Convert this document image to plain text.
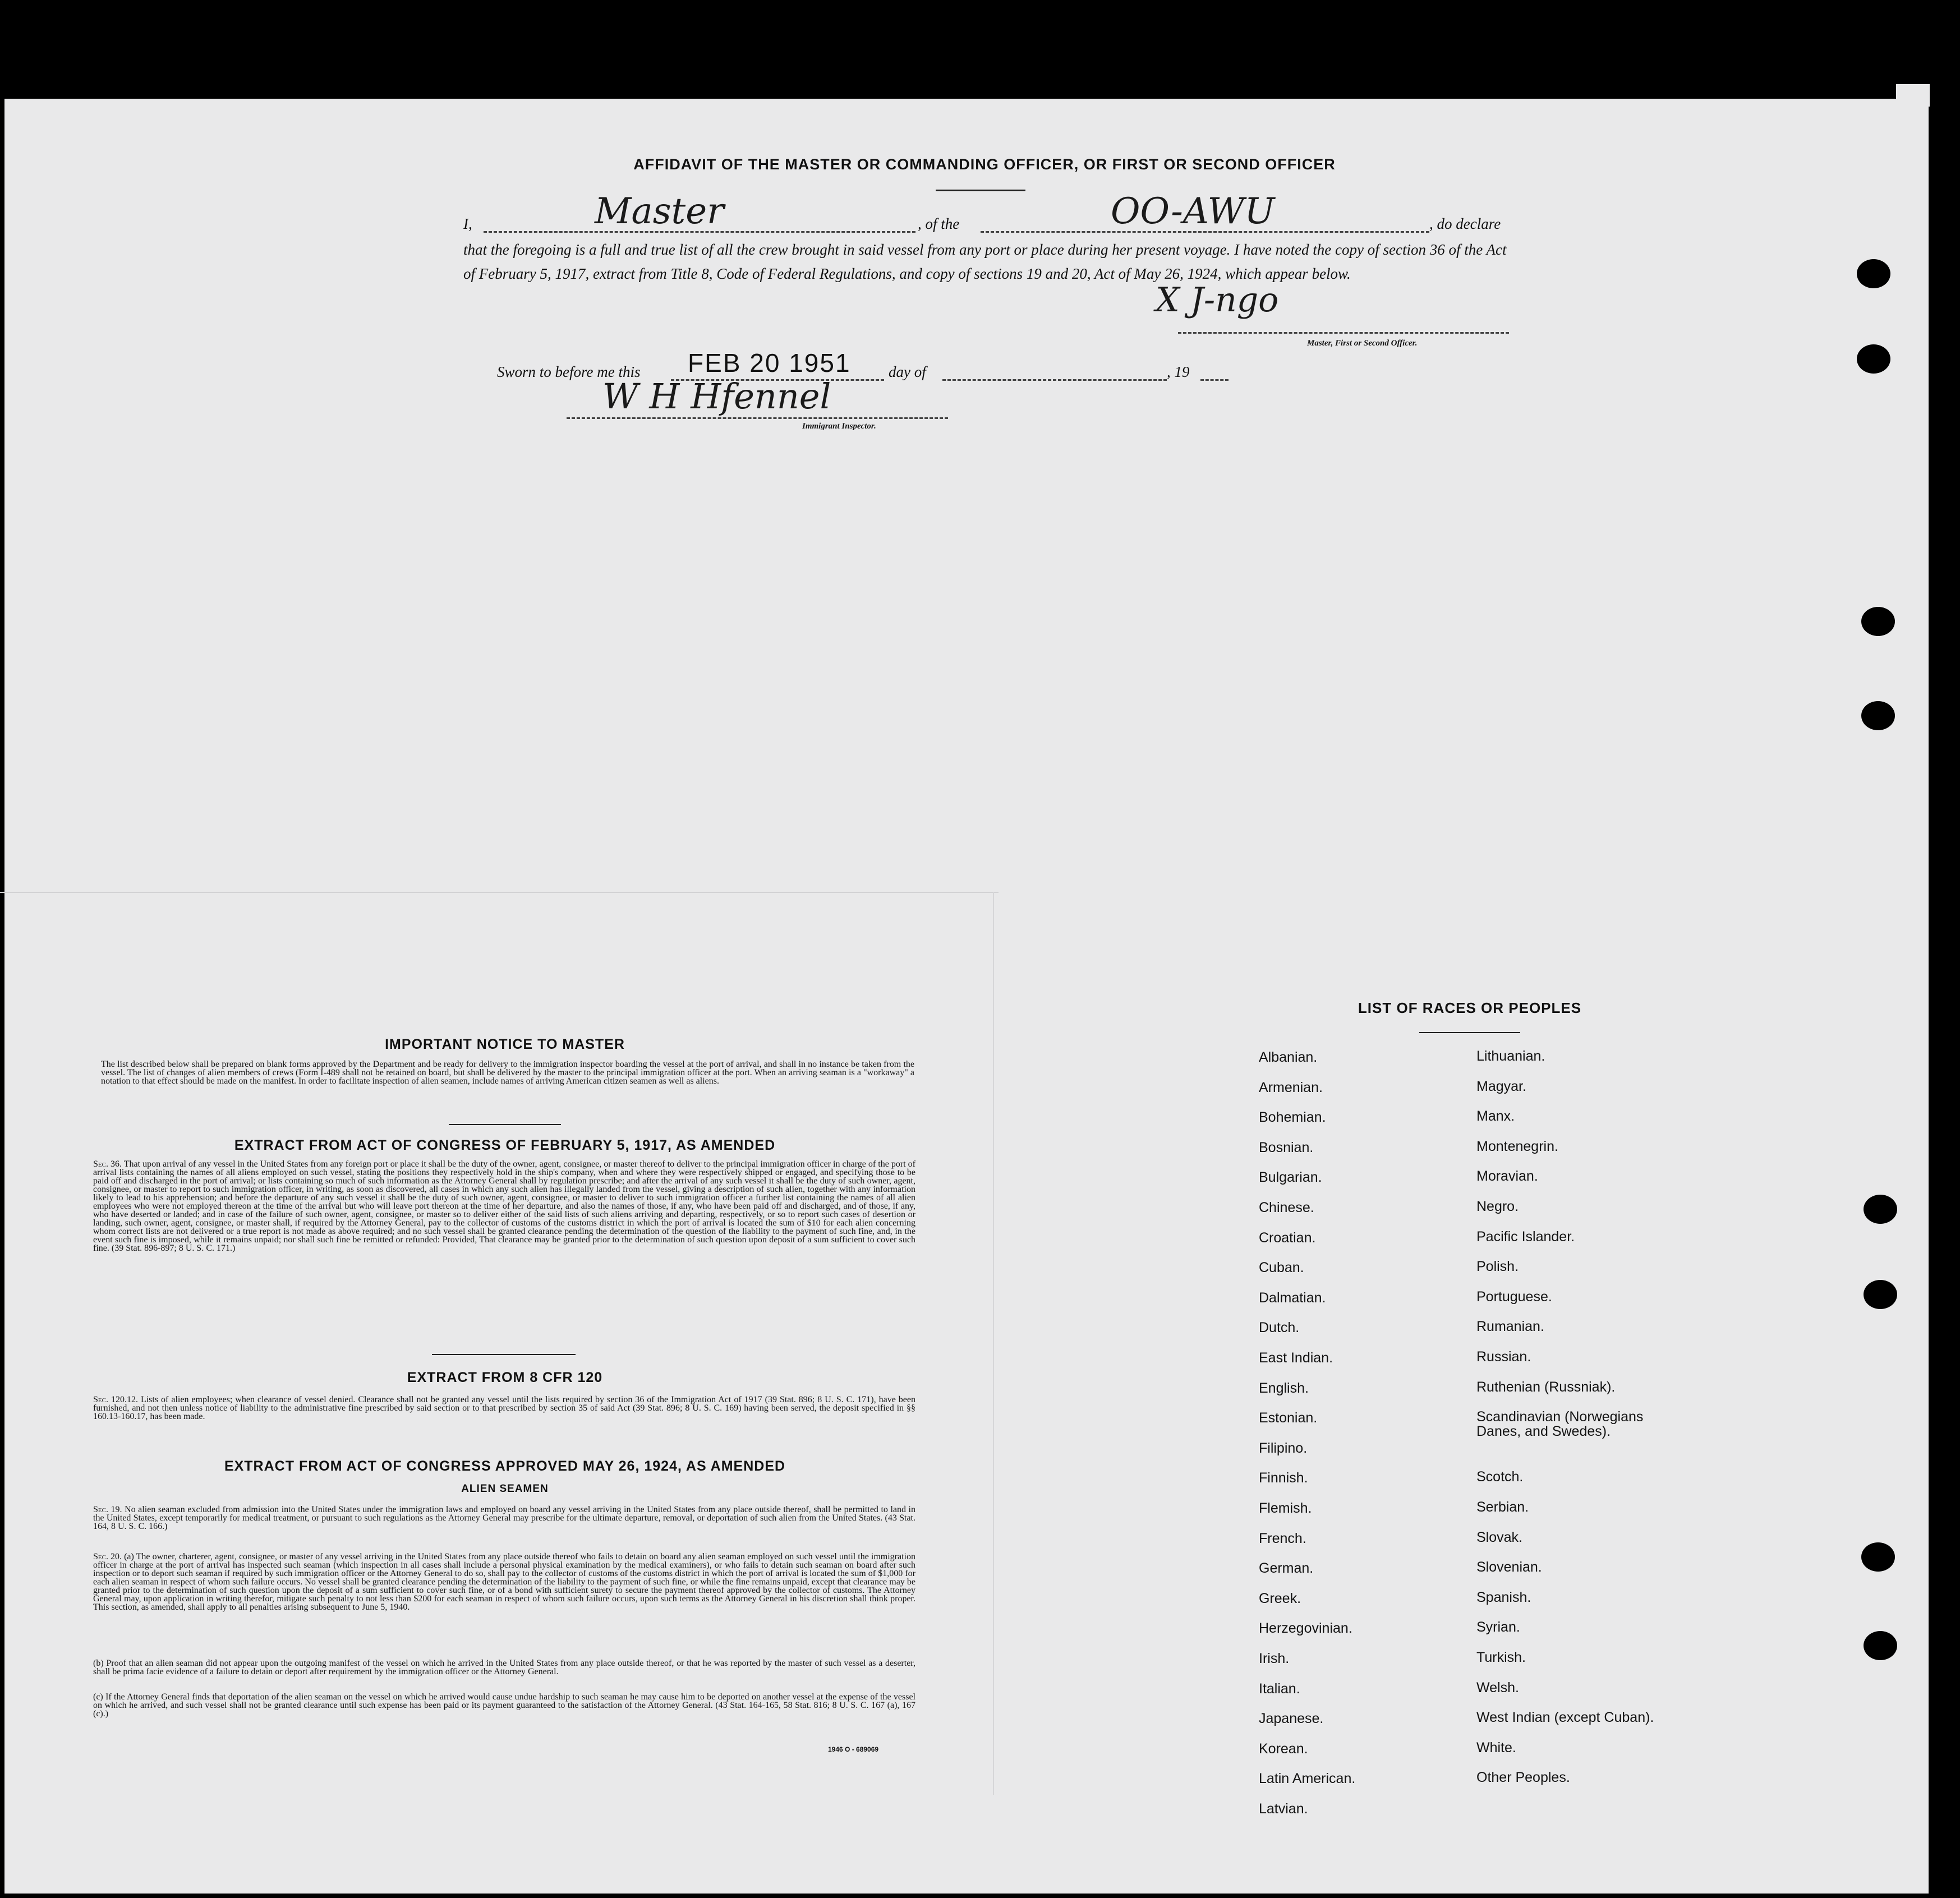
AFFIDAVIT OF THE MASTER OR COMMANDING OFFICER, OR FIRST OR SECOND OFFICER
I,	Master	, of the	OO-AWU	, do declare
that the foregoing is a full and true list of all the crew brought in said vessel from any port or place during her present voyage. I have noted the copy of section 36 of the Act of February 5, 1917, extract from Title 8, Code of Federal Regulations, and copy of sections 19 and 20, Act of May 26, 1924, which appear below.
X J-ngo
Master, First or Second Officer.
Sworn to before me this FEB 20 1951 day of	, 19
W H Hfennel
Immigrant Inspector.
IMPORTANT NOTICE TO MASTER
The list described below shall be prepared on blank forms approved by the Department and be ready for delivery to the immigration inspector boarding the vessel at the port of arrival, and shall in no instance be taken from the vessel. The list of changes of alien members of crews (Form I-489 shall not be retained on board, but shall be delivered by the master to the principal immigration officer at the port. When an arriving seaman is a "workaway" a notation to that effect should be made on the manifest. In order to facilitate inspection of alien seamen, include names of arriving American citizen seamen as well as aliens.
EXTRACT FROM ACT OF CONGRESS OF FEBRUARY 5, 1917, AS AMENDED
Sec. 36. That upon arrival of any vessel in the United States from any foreign port or place it shall be the duty of the owner, agent, consignee, or master thereof to deliver to the principal immigration officer in charge of the port of arrival lists containing the names of all aliens employed on such vessel, stating the positions they respectively hold in the ship's company, when and where they were respectively shipped or engaged, and specifying those to be paid off and discharged in the port of arrival; or lists containing so much of such information as the Attorney General shall by regulation prescribe; and after the arrival of any such vessel it shall be the duty of such owner, agent, consignee, or master to report to such immigration officer, in writing, as soon as discovered, all cases in which any such alien has illegally landed from the vessel, giving a description of such alien, together with any information likely to lead to his apprehension; and before the departure of any such vessel it shall be the duty of such owner, agent, consignee, or master to deliver to such immigration officer a further list containing the names of all alien employees who were not employed thereon at the time of the arrival but who will leave port thereon at the time of her departure, and also the names of those, if any, who have been paid off and discharged, and of those, if any, who have deserted or landed; and in case of the failure of such owner, agent, consignee, or master so to deliver either of the said lists of such aliens arriving and departing, respectively, or so to report such cases of desertion or landing, such owner, agent, consignee, or master shall, if required by the Attorney General, pay to the collector of customs of the customs district in which the port of arrival is located the sum of $10 for each alien concerning whom correct lists are not delivered or a true report is not made as above required; and no such vessel shall be granted clearance pending the determination of the question of the liability to the payment of such fine, and, in the event such fine is imposed, while it remains unpaid; nor shall such fine be remitted or refunded: Provided, That clearance may be granted prior to the determination of such question upon deposit of a sum sufficient to cover such fine. (39 Stat. 896-897; 8 U. S. C. 171.)
EXTRACT FROM 8 CFR 120
Sec. 120.12. Lists of alien employees; when clearance of vessel denied. Clearance shall not be granted any vessel until the lists required by section 36 of the Immigration Act of 1917 (39 Stat. 896; 8 U. S. C. 171), have been furnished, and not then unless notice of liability to the administrative fine prescribed by said section or to that prescribed by section 35 of said Act (39 Stat. 896; 8 U. S. C. 169) having been served, the deposit specified in §§ 160.13-160.17, has been made.
EXTRACT FROM ACT OF CONGRESS APPROVED MAY 26, 1924, AS AMENDED
ALIEN SEAMEN
Sec. 19. No alien seaman excluded from admission into the United States under the immigration laws and employed on board any vessel arriving in the United States from any place outside thereof, shall be permitted to land in the United States, except temporarily for medical treatment, or pursuant to such regulations as the Attorney General may prescribe for the ultimate departure, removal, or deportation of such alien from the United States. (43 Stat. 164, 8 U. S. C. 166.)
Sec. 20. (a) The owner, charterer, agent, consignee, or master of any vessel arriving in the United States from any place outside thereof who fails to detain on board any alien seaman employed on such vessel until the immigration officer in charge at the port of arrival has inspected such seaman (which inspection in all cases shall include a personal physical examination by the medical examiners), or who fails to detain such seaman on board after such inspection or to deport such seaman if required by such immigration officer or the Attorney General to do so, shall pay to the collector of customs of the customs district in which the port of arrival is located the sum of $1,000 for each alien seaman in respect of whom such failure occurs. No vessel shall be granted clearance pending the determination of the liability to the payment of such fine, or while the fine remains unpaid, except that clearance may be granted prior to the determination of such question upon the deposit of a sum sufficient to cover such fine, or of a bond with sufficient surety to secure the payment thereof approved by the collector of customs. The Attorney General may, upon application in writing therefor, mitigate such penalty to not less than $200 for each seaman in respect of whom such failure occurs, upon such terms as the Attorney General in his discretion shall think proper. This section, as amended, shall apply to all penalties arising subsequent to June 5, 1940.
(b) Proof that an alien seaman did not appear upon the outgoing manifest of the vessel on which he arrived in the United States from any place outside thereof, or that he was reported by the master of such vessel as a deserter, shall be prima facie evidence of a failure to detain or deport after requirement by the immigration officer or the Attorney General.
(c) If the Attorney General finds that deportation of the alien seaman on the vessel on which he arrived would cause undue hardship to such seaman he may cause him to be deported on another vessel at the expense of the vessel on which he arrived, and such vessel shall not be granted clearance until such expense has been paid or its payment guaranteed to the satisfaction of the Attorney General. (43 Stat. 164-165, 58 Stat. 816; 8 U. S. C. 167 (a), 167 (c).)
1946 O - 689069
LIST OF RACES OR PEOPLES
Albanian.
Armenian.
Bohemian.
Bosnian.
Bulgarian.
Chinese.
Croatian.
Cuban.
Dalmatian.
Dutch.
East Indian.
English.
Estonian.
Filipino.
Finnish.
Flemish.
French.
German.
Greek.
Herzegovinian.
Irish.
Italian.
Japanese.
Korean.
Latin American.
Latvian.
Lithuanian.
Magyar.
Manx.
Montenegrin.
Moravian.
Negro.
Pacific Islander.
Polish.
Portuguese.
Rumanian.
Russian.
Ruthenian (Russniak).
Scandinavian (Norwegians Danes, and Swedes).
Scotch.
Serbian.
Slovak.
Slovenian.
Spanish.
Syrian.
Turkish.
Welsh.
West Indian (except Cuban).
White.
Other Peoples.
